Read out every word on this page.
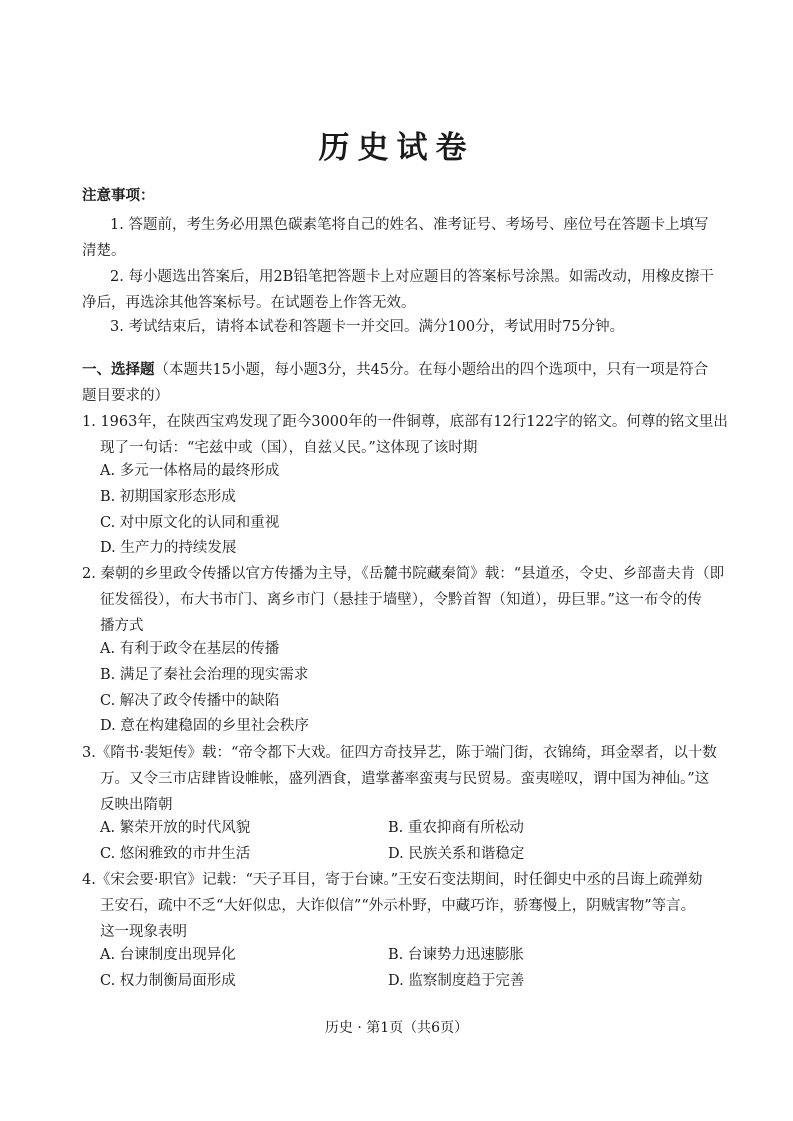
历史试卷
注意事项：
1. 答题前，考生务必用黑色碳素笔将自己的姓名、准考证号、考场号、座位号在答题卡上填写
清楚。
2. 每小题选出答案后，用2B铅笔把答题卡上对应题目的答案标号涂黑。如需改动，用橡皮擦干
净后，再选涂其他答案标号。在试题卷上作答无效。
3. 考试结束后，请将本试卷和答题卡一并交回。满分100分，考试用时75分钟。
一、选择题（本题共15小题，每小题3分，共45分。在每小题给出的四个选项中，只有一项是符合
题目要求的）
1. 1963年，在陕西宝鸡发现了距今3000年的一件铜尊，底部有12行122字的铭文。何尊的铭文里出
现了一句话：“宅兹中或（国），自兹乂民。”这体现了该时期
A. 多元一体格局的最终形成
B. 初期国家形态形成
C. 对中原文化的认同和重视
D. 生产力的持续发展
2. 秦朝的乡里政令传播以官方传播为主导，《岳麓书院藏秦简》载：“县道丞，令史、乡部啬夫肯（即
征发徭役），布大书市门、离乡市门（悬挂于墙壁），令黔首智（知道），毋巨罪。”这一布令的传
播方式
A. 有利于政令在基层的传播
B. 满足了秦社会治理的现实需求
C. 解决了政令传播中的缺陷
D. 意在构建稳固的乡里社会秩序
3.《隋书·裴矩传》载：“帝令都下大戏。征四方奇技异艺，陈于端门街，衣锦绮，珥金翠者，以十数
万。又令三市店肆皆设帷帐，盛列酒食，遣掌蕃率蛮夷与民贸易。蛮夷嗟叹，谓中国为神仙。”这
反映出隋朝
A. 繁荣开放的时代风貌	B. 重农抑商有所松动
C. 悠闲雅致的市井生活	D. 民族关系和谐稳定
4.《宋会要·职官》记载：“天子耳目，寄于台谏。”王安石变法期间，时任御史中丞的吕诲上疏弹劾
王安石，疏中不乏“大奸似忠，大诈似信”“外示朴野，中藏巧诈，骄骞慢上，阴贼害物”等言。
这一现象表明
A. 台谏制度出现异化	B. 台谏势力迅速膨胀
C. 权力制衡局面形成	D. 监察制度趋于完善
历史 · 第1页（共6页）
